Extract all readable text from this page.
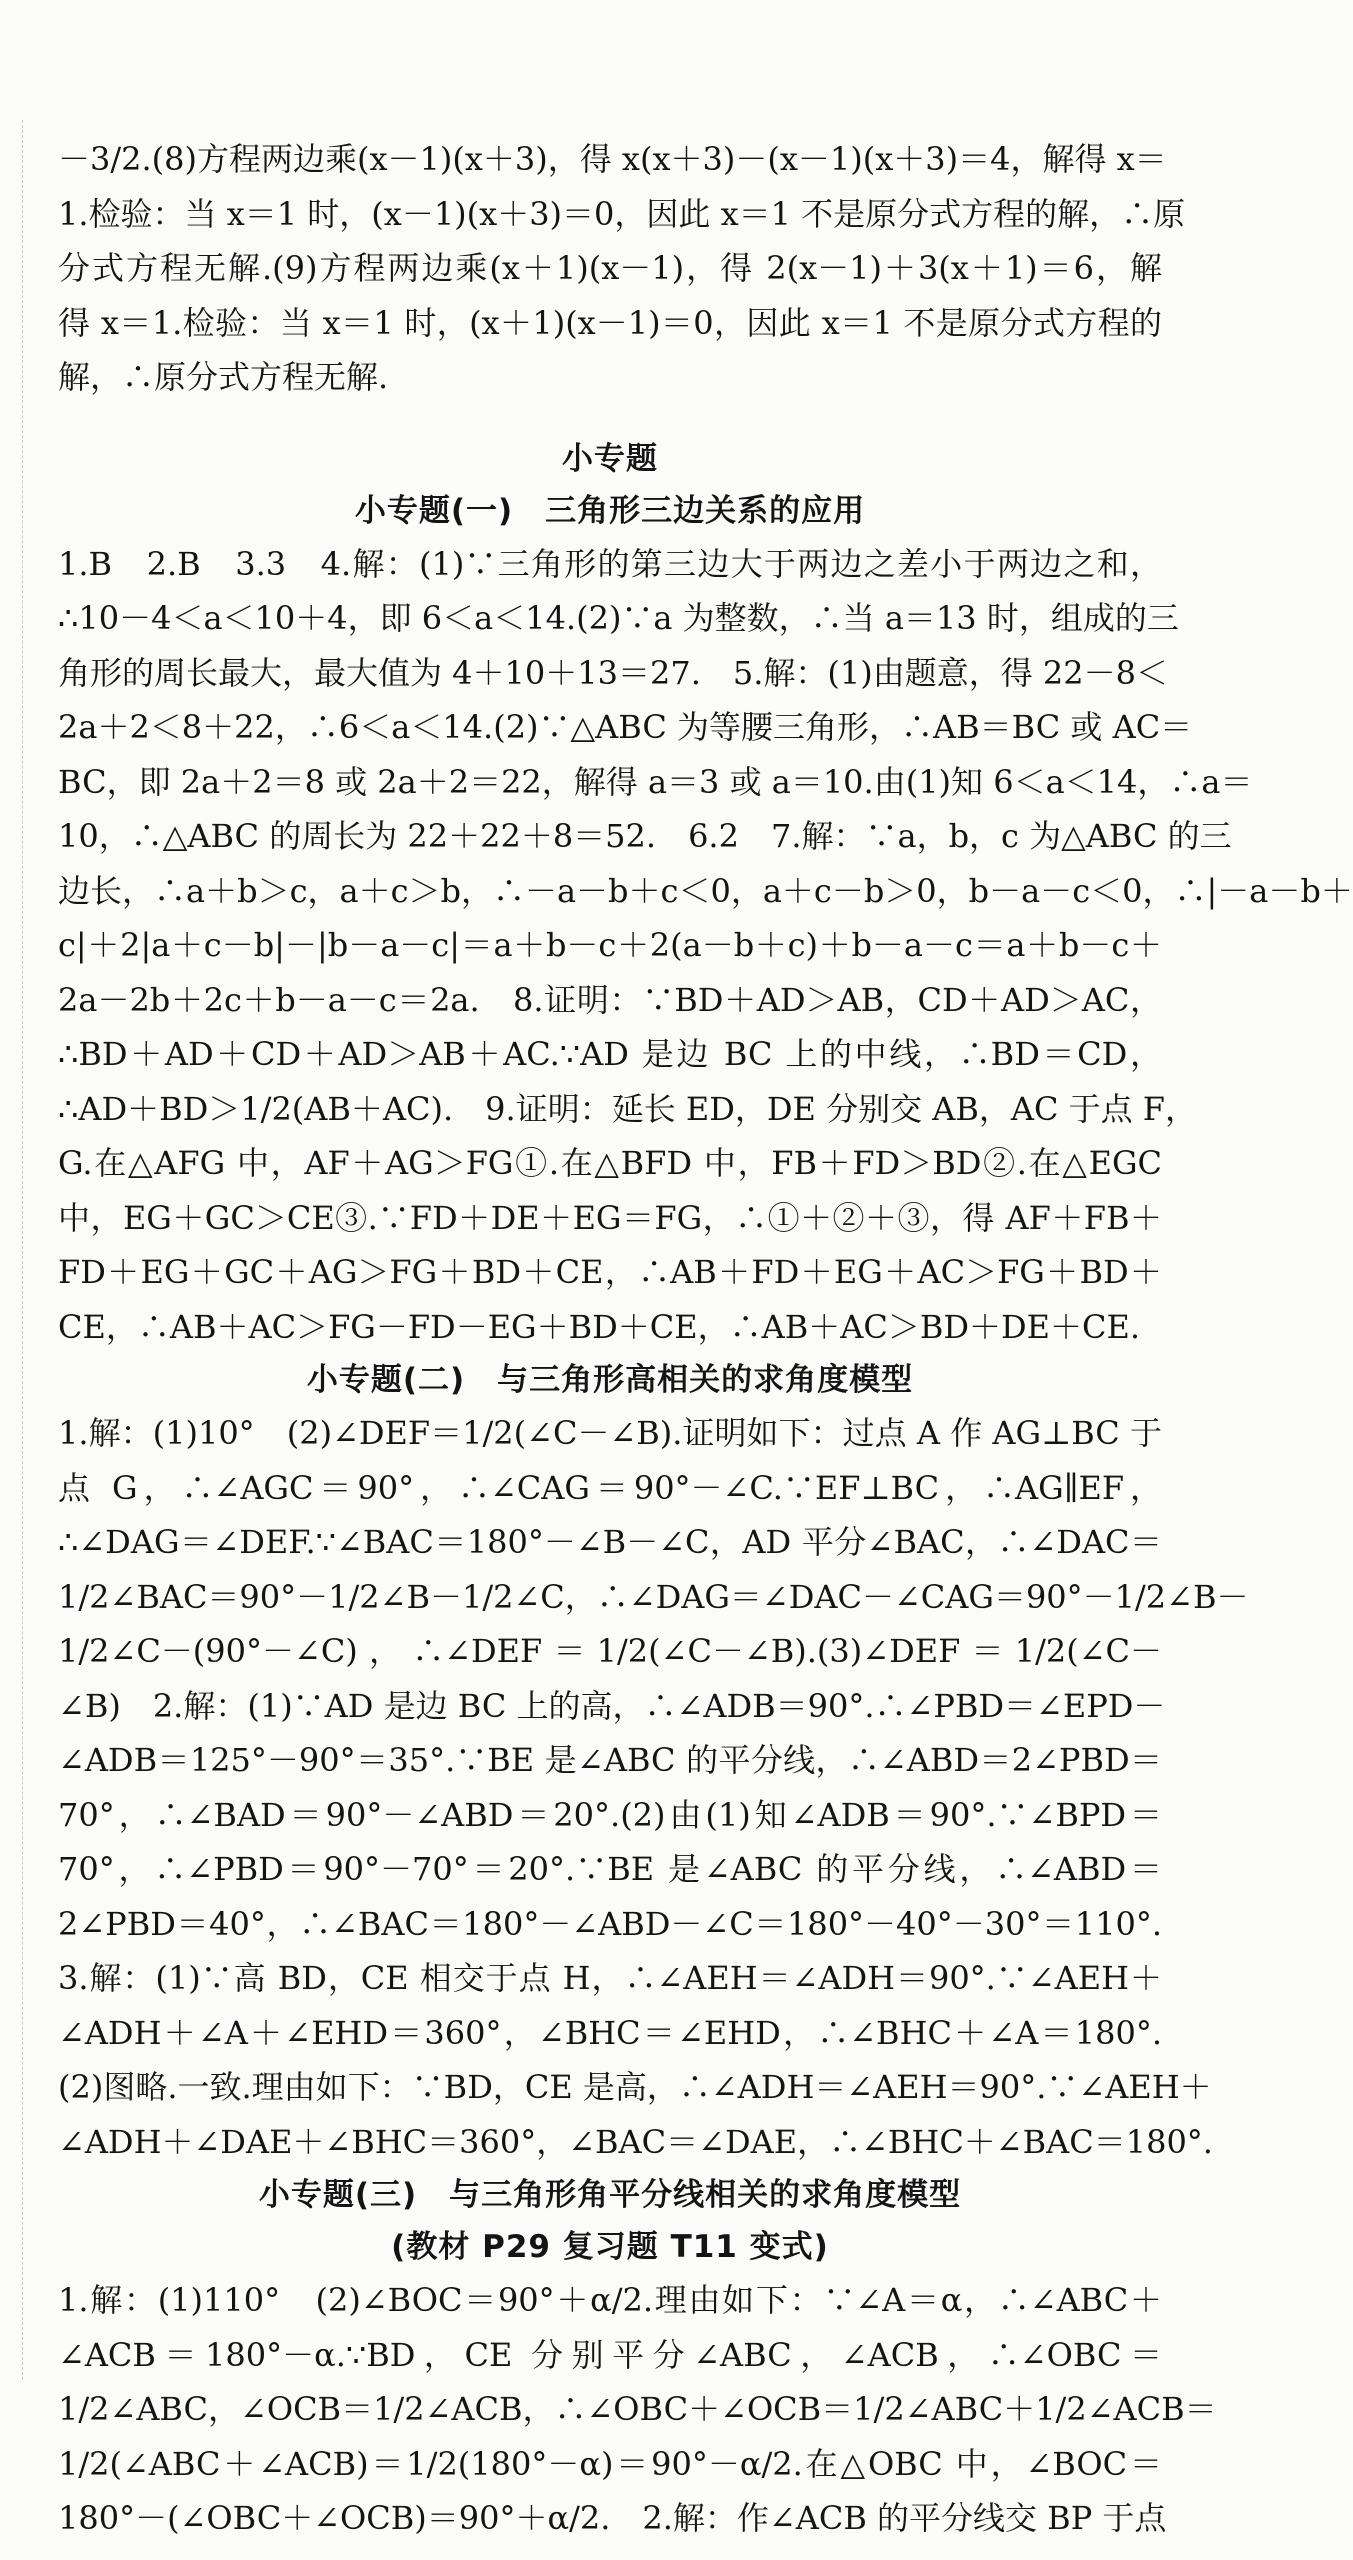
－3/2.(8)方程两边乘(x－1)(x＋3)，得 x(x＋3)－(x－1)(x＋3)＝4，解得 x＝
1.检验：当 x＝1 时，(x－1)(x＋3)＝0，因此 x＝1 不是原分式方程的解，∴原
分式方程无解.(9)方程两边乘(x＋1)(x－1)，得 2(x－1)＋3(x＋1)＝6，解
得 x＝1.检验：当 x＝1 时，(x＋1)(x－1)＝0，因此 x＝1 不是原分式方程的
解，∴原分式方程无解.
小专题
小专题(一)　三角形三边关系的应用
1.B　2.B　3.3　4.解：(1)∵三角形的第三边大于两边之差小于两边之和，
∴10－4＜a＜10＋4，即 6＜a＜14.(2)∵a 为整数，∴当 a＝13 时，组成的三
角形的周长最大，最大值为 4＋10＋13＝27.　5.解：(1)由题意，得 22－8＜
2a＋2＜8＋22，∴6＜a＜14.(2)∵△ABC 为等腰三角形，∴AB＝BC 或 AC＝
BC，即 2a＋2＝8 或 2a＋2＝22，解得 a＝3 或 a＝10.由(1)知 6＜a＜14，∴a＝
10，∴△ABC 的周长为 22＋22＋8＝52.　6.2　7.解：∵a，b，c 为△ABC 的三
边长，∴a＋b＞c，a＋c＞b，∴－a－b＋c＜0，a＋c－b＞0，b－a－c＜0，∴|－a－b＋
c|＋2|a＋c－b|－|b－a－c|＝a＋b－c＋2(a－b＋c)＋b－a－c＝a＋b－c＋
2a－2b＋2c＋b－a－c＝2a.　8.证明：∵BD＋AD＞AB，CD＋AD＞AC，
∴BD＋AD＋CD＋AD＞AB＋AC.∵AD 是边 BC 上的中线，∴BD＝CD，
∴AD＋BD＞1/2(AB＋AC).　9.证明：延长 ED，DE 分别交 AB，AC 于点 F，
G.在△AFG 中，AF＋AG＞FG①.在△BFD 中，FB＋FD＞BD②.在△EGC
中，EG＋GC＞CE③.∵FD＋DE＋EG＝FG，∴①＋②＋③，得 AF＋FB＋
FD＋EG＋GC＋AG＞FG＋BD＋CE，∴AB＋FD＋EG＋AC＞FG＋BD＋
CE，∴AB＋AC＞FG－FD－EG＋BD＋CE，∴AB＋AC＞BD＋DE＋CE.
小专题(二)　与三角形高相关的求角度模型
1.解：(1)10°　(2)∠DEF＝1/2(∠C－∠B).证明如下：过点 A 作 AG⊥BC 于
点 G，∴∠AGC＝90°，∴∠CAG＝90°－∠C.∵EF⊥BC，∴AG∥EF，
∴∠DAG＝∠DEF.∵∠BAC＝180°－∠B－∠C，AD 平分∠BAC，∴∠DAC＝
1/2∠BAC＝90°－1/2∠B－1/2∠C，∴∠DAG＝∠DAC－∠CAG＝90°－1/2∠B－
1/2∠C－(90°－∠C)，∴∠DEF＝1/2(∠C－∠B).(3)∠DEF＝1/2(∠C－
∠B)　2.解：(1)∵AD 是边 BC 上的高，∴∠ADB＝90°.∴∠PBD＝∠EPD－
∠ADB＝125°－90°＝35°.∵BE 是∠ABC 的平分线，∴∠ABD＝2∠PBD＝
70°，∴∠BAD＝90°－∠ABD＝20°.(2)由(1)知∠ADB＝90°.∵∠BPD＝
70°，∴∠PBD＝90°－70°＝20°.∵BE 是∠ABC 的平分线，∴∠ABD＝
2∠PBD＝40°，∴∠BAC＝180°－∠ABD－∠C＝180°－40°－30°＝110°.
3.解：(1)∵高 BD，CE 相交于点 H，∴∠AEH＝∠ADH＝90°.∵∠AEH＋
∠ADH＋∠A＋∠EHD＝360°，∠BHC＝∠EHD，∴∠BHC＋∠A＝180°.
(2)图略.一致.理由如下：∵BD，CE 是高，∴∠ADH＝∠AEH＝90°.∵∠AEH＋
∠ADH＋∠DAE＋∠BHC＝360°，∠BAC＝∠DAE，∴∠BHC＋∠BAC＝180°.
小专题(三)　与三角形角平分线相关的求角度模型
(教材 P29 复习题 T11 变式)
1.解：(1)110°　(2)∠BOC＝90°＋α/2.理由如下：∵∠A＝α，∴∠ABC＋
∠ACB＝180°－α.∵BD，CE 分别平分∠ABC，∠ACB，∴∠OBC＝
1/2∠ABC，∠OCB＝1/2∠ACB，∴∠OBC＋∠OCB＝1/2∠ABC＋1/2∠ACB＝
1/2(∠ABC＋∠ACB)＝1/2(180°－α)＝90°－α/2.在△OBC 中，∠BOC＝
180°－(∠OBC＋∠OCB)＝90°＋α/2.　2.解：作∠ACB 的平分线交 BP 于点
